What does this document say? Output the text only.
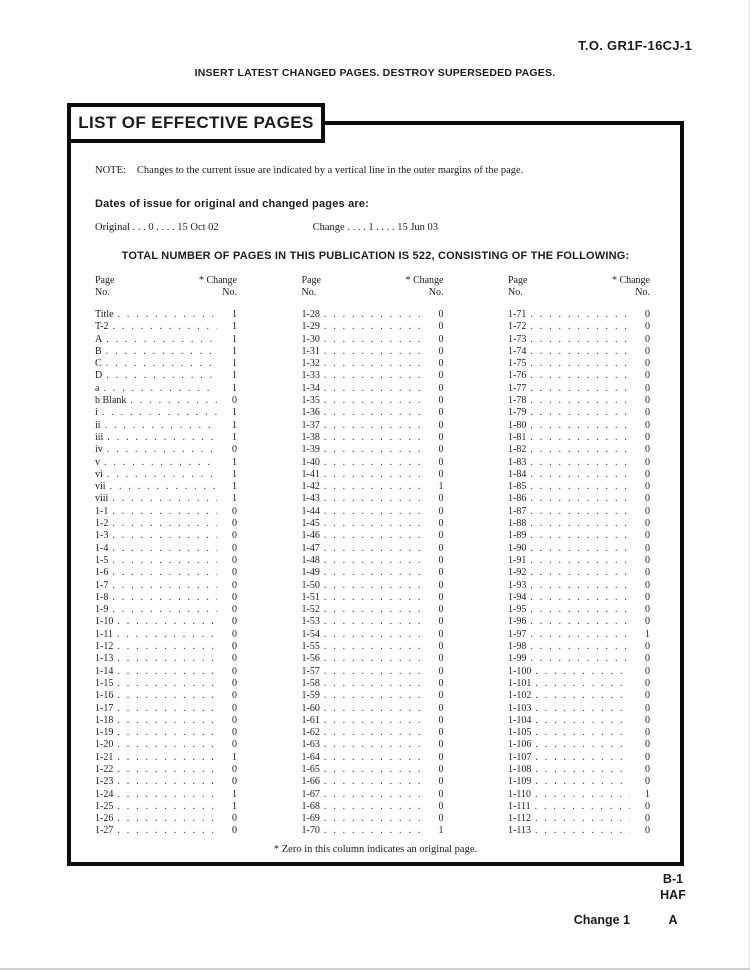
T.O. GR1F-16CJ-1
INSERT LATEST CHANGED PAGES. DESTROY SUPERSEDED PAGES.
LIST OF EFFECTIVE PAGES
NOTE: Changes to the current issue are indicated by a vertical line in the outer margins of the page.
Dates of issue for original and changed pages are:
Original . . . 0 . . . . 15 Oct 02	Change . . . . 1 . . . . 15 Jun 03
TOTAL NUMBER OF PAGES IN THIS PUBLICATION IS 522, CONSISTING OF THE FOLLOWING:
Page
No.
* Change
No.
Title . . .	1
T-2 . . .	1
A . . .	1
B . . .	1
C . . .	1
D . . .	1
a . . .	1
b Blank . . .	0
i . . .	1
ii . . .	1
iii . . .	1
iv . . .	0
v . . .	1
vi . . .	1
vii . . .	1
viii . . .	1
1-1 . . .	0
1-2 . . .	0
1-3 . . .	0
1-4 . . .	0
1-5 . . .	0
1-6 . . .	0
1-7 . . .	0
1-8 . . .	0
1-9 . . .	0
1-10 . . .	0
1-11 . . .	0
1-12 . . .	0
1-13 . . .	0
1-14 . . .	0
1-15 . . .	0
1-16 . . .	0
1-17 . . .	0
1-18 . . .	0
1-19 . . .	0
1-20 . . .	0
1-21 . . .	1
1-22 . . .	0
1-23 . . .	0
1-24 . . .	1
1-25 . . .	1
1-26 . . .	0
1-27 . . .	0
Page
No.
* Change
No.
1-28 . . .	0
1-29 . . .	0
1-30 . . .	0
1-31 . . .	0
1-32 . . .	0
1-33 . . .	0
1-34 . . .	0
1-35 . . .	0
1-36 . . .	0
1-37 . . .	0
1-38 . . .	0
1-39 . . .	0
1-40 . . .	0
1-41 . . .	0
1-42 . . .	1
1-43 . . .	0
1-44 . . .	0
1-45 . . .	0
1-46 . . .	0
1-47 . . .	0
1-48 . . .	0
1-49 . . .	0
1-50 . . .	0
1-51 . . .	0
1-52 . . .	0
1-53 . . .	0
1-54 . . .	0
1-55 . . .	0
1-56 . . .	0
1-57 . . .	0
1-58 . . .	0
1-59 . . .	0
1-60 . . .	0
1-61 . . .	0
1-62 . . .	0
1-63 . . .	0
1-64 . . .	0
1-65 . . .	0
1-66 . . .	0
1-67 . . .	0
1-68 . . .	0
1-69 . . .	0
1-70 . . .	1
Page
No.
* Change
No.
1-71 . . .	0
1-72 . . .	0
1-73 . . .	0
1-74 . . .	0
1-75 . . .	0
1-76 . . .	0
1-77 . . .	0
1-78 . . .	0
1-79 . . .	0
1-80 . . .	0
1-81 . . .	0
1-82 . . .	0
1-83 . . .	0
1-84 . . .	0
1-85 . . .	0
1-86 . . .	0
1-87 . . .	0
1-88 . . .	0
1-89 . . .	0
1-90 . . .	0
1-91 . . .	0
1-92 . . .	0
1-93 . . .	0
1-94 . . .	0
1-95 . . .	0
1-96 . . .	0
1-97 . . .	1
1-98 . . .	0
1-99 . . .	0
1-100 . . .	0
1-101 . . .	0
1-102 . . .	0
1-103 . . .	0
1-104 . . .	0
1-105 . . .	0
1-106 . . .	0
1-107 . . .	0
1-108 . . .	0
1-109 . . .	0
1-110 . . .	1
1-111 . . .	0
1-112 . . .	0
1-113 . . .	0
* Zero in this column indicates an original page.
B-1
HAF
Change 1	A
